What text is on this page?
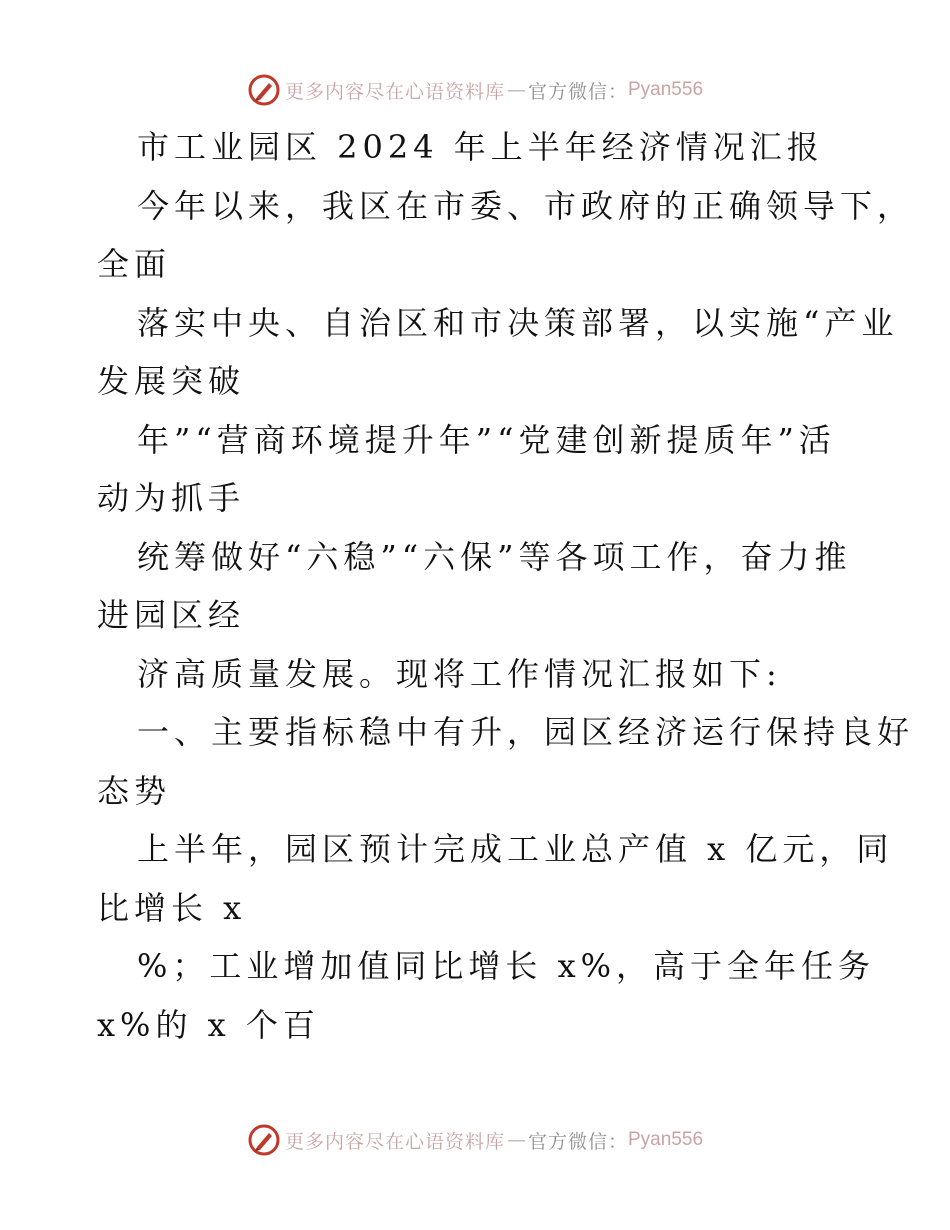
更多内容尽在心语资料库 — 官方微信： Pyan556
市工业园区 2024 年上半年经济情况汇报
今年以来，我区在市委、市政府的正确领导下，
全面
落实中央、自治区和市决策部署，以实施“产业
发展突破
年”“营商环境提升年”“党建创新提质年”活
动为抓手
统筹做好“六稳”“六保”等各项工作，奋力推
进园区经
济高质量发展。现将工作情况汇报如下:
一、主要指标稳中有升，园区经济运行保持良好
态势
上半年，园区预计完成工业总产值 x 亿元，同
比增长 x
%；工业增加值同比增长 x%，高于全年任务
x%的 x 个百
更多内容尽在心语资料库 — 官方微信： Pyan556
